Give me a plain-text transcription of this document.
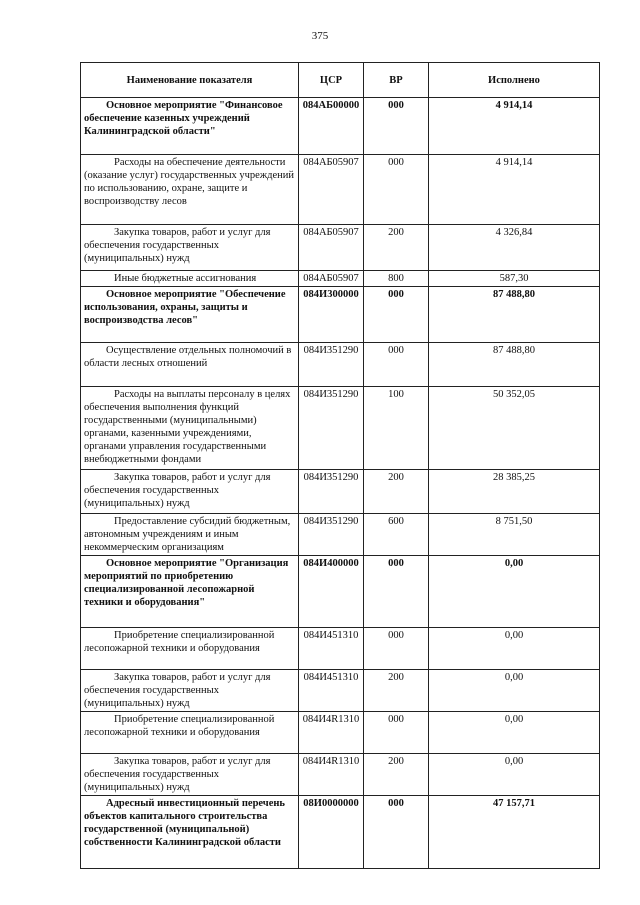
375
Наименование показателя	ЦСР	ВР	Исполнено
Основное мероприятие "Финансовое обеспечение казенных учреждений Калининградской области"	084АБ00000	000	4 914,14
Расходы на обеспечение деятельности (оказание услуг) государственных учреждений по использованию, охране, защите и воспроизводству лесов	084АБ05907	000	4 914,14
Закупка товаров, работ и услуг для обеспечения государственных (муниципальных) нужд	084АБ05907	200	4 326,84
Иные бюджетные ассигнования	084АБ05907	800	587,30
Основное мероприятие "Обеспечение использования, охраны, защиты и воспроизводства лесов"	084И300000	000	87 488,80
Осуществление отдельных полномочий в области лесных отношений	084И351290	000	87 488,80
Расходы на выплаты персоналу в целях обеспечения выполнения функций государственными (муниципальными) органами, казенными учреждениями, органами управления государственными внебюджетными фондами	084И351290	100	50 352,05
Закупка товаров, работ и услуг для обеспечения государственных (муниципальных) нужд	084И351290	200	28 385,25
Предоставление субсидий бюджетным, автономным учреждениям и иным некоммерческим организациям	084И351290	600	8 751,50
Основное мероприятие "Организация мероприятий по приобретению специализированной лесопожарной техники и оборудования"	084И400000	000	0,00
Приобретение специализированной лесопожарной техники и оборудования	084И451310	000	0,00
Закупка товаров, работ и услуг для обеспечения государственных (муниципальных) нужд	084И451310	200	0,00
Приобретение специализированной лесопожарной техники и оборудования	084И4R1310	000	0,00
Закупка товаров, работ и услуг для обеспечения государственных (муниципальных) нужд	084И4R1310	200	0,00
Адресный инвестиционный перечень объектов капитального строительства государственной (муниципальной) собственности Калининградской области	08И0000000	000	47 157,71
